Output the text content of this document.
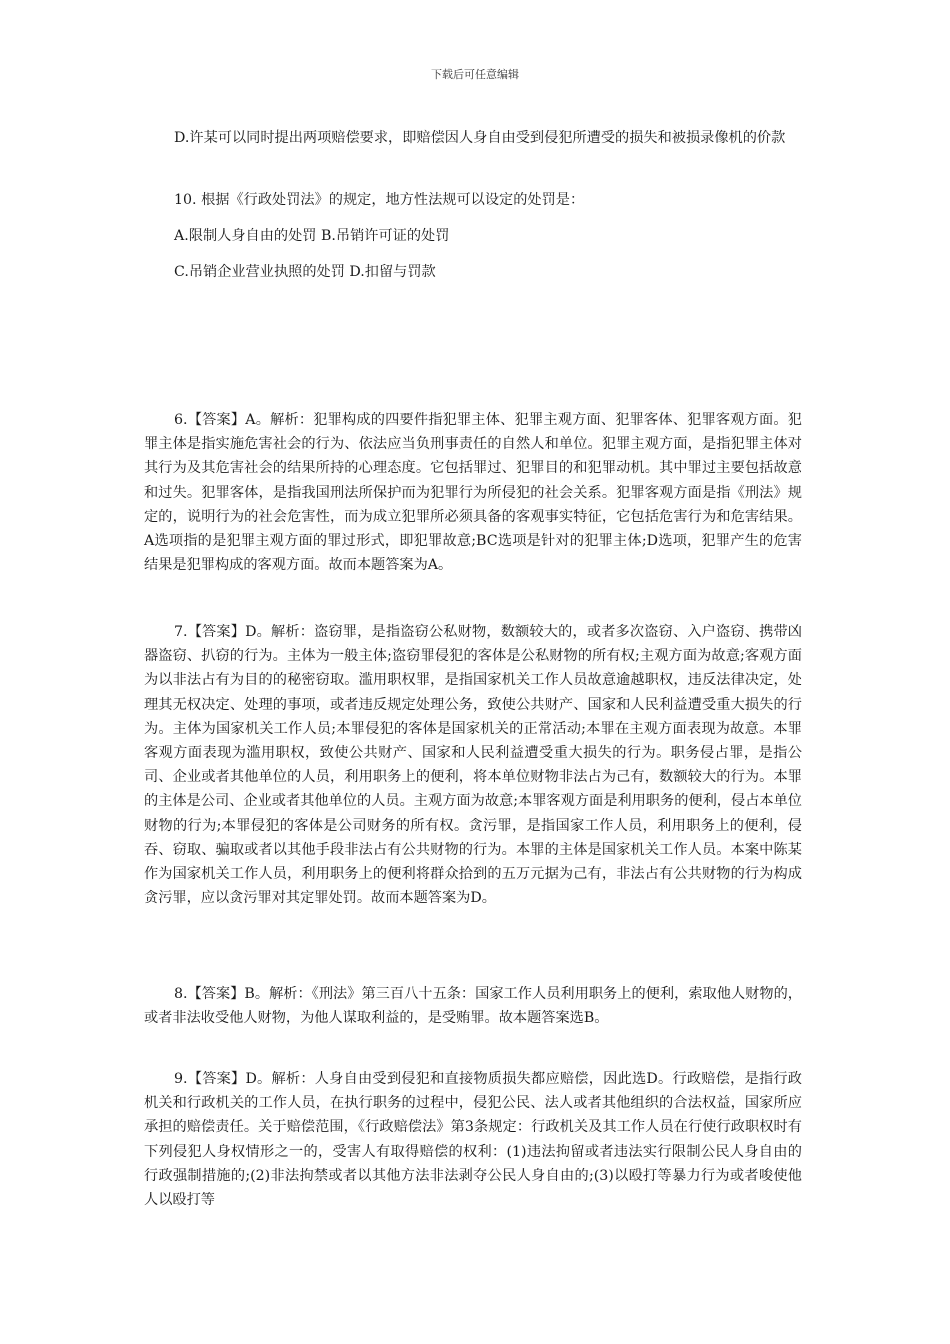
下载后可任意编辑

D.许某可以同时提出两项赔偿要求，即赔偿因人身自由受到侵犯所遭受的损失和被损录像机的价款

10. 根据《行政处罚法》的规定，地方性法规可以设定的处罚是：

A.限制人身自由的处罚 B.吊销许可证的处罚

C.吊销企业营业执照的处罚 D.扣留与罚款

6.【答案】A。解析：犯罪构成的四要件指犯罪主体、犯罪主观方面、犯罪客体、犯罪客观方面。犯罪主体是指实施危害社会的行为、依法应当负刑事责任的自然人和单位。犯罪主观方面，是指犯罪主体对其行为及其危害社会的结果所持的心理态度。它包括罪过、犯罪目的和犯罪动机。其中罪过主要包括故意和过失。犯罪客体，是指我国刑法所保护而为犯罪行为所侵犯的社会关系。犯罪客观方面是指《刑法》规定的，说明行为的社会危害性，而为成立犯罪所必须具备的客观事实特征，它包括危害行为和危害结果。A选项指的是犯罪主观方面的罪过形式，即犯罪故意;BC选项是针对的犯罪主体;D选项，犯罪产生的危害结果是犯罪构成的客观方面。故而本题答案为A。

7.【答案】D。解析：盗窃罪，是指盗窃公私财物，数额较大的，或者多次盗窃、入户盗窃、携带凶器盗窃、扒窃的行为。主体为一般主体;盗窃罪侵犯的客体是公私财物的所有权;主观方面为故意;客观方面为以非法占有为目的的秘密窃取。滥用职权罪，是指国家机关工作人员故意逾越职权，违反法律决定，处理其无权决定、处理的事项，或者违反规定处理公务，致使公共财产、国家和人民利益遭受重大损失的行为。主体为国家机关工作人员;本罪侵犯的客体是国家机关的正常活动;本罪在主观方面表现为故意。本罪客观方面表现为滥用职权，致使公共财产、国家和人民利益遭受重大损失的行为。职务侵占罪，是指公司、企业或者其他单位的人员，利用职务上的便利，将本单位财物非法占为己有，数额较大的行为。本罪的主体是公司、企业或者其他单位的人员。主观方面为故意;本罪客观方面是利用职务的便利，侵占本单位财物的行为;本罪侵犯的客体是公司财务的所有权。贪污罪，是指国家工作人员，利用职务上的便利，侵吞、窃取、骗取或者以其他手段非法占有公共财物的行为。本罪的主体是国家机关工作人员。本案中陈某作为国家机关工作人员，利用职务上的便利将群众拾到的五万元据为己有，非法占有公共财物的行为构成贪污罪，应以贪污罪对其定罪处罚。故而本题答案为D。

8.【答案】B。解析：《刑法》第三百八十五条：国家工作人员利用职务上的便利，索取他人财物的，或者非法收受他人财物，为他人谋取利益的，是受贿罪。故本题答案选B。

9.【答案】D。解析：人身自由受到侵犯和直接物质损失都应赔偿，因此选D。行政赔偿，是指行政机关和行政机关的工作人员，在执行职务的过程中，侵犯公民、法人或者其他组织的合法权益，国家所应承担的赔偿责任。关于赔偿范围，《行政赔偿法》第3条规定：行政机关及其工作人员在行使行政职权时有下列侵犯人身权情形之一的，受害人有取得赔偿的权利：(1)违法拘留或者违法实行限制公民人身自由的行政强制措施的;(2)非法拘禁或者以其他方法非法剥夺公民人身自由的;(3)以殴打等暴力行为或者唆使他人以殴打等
